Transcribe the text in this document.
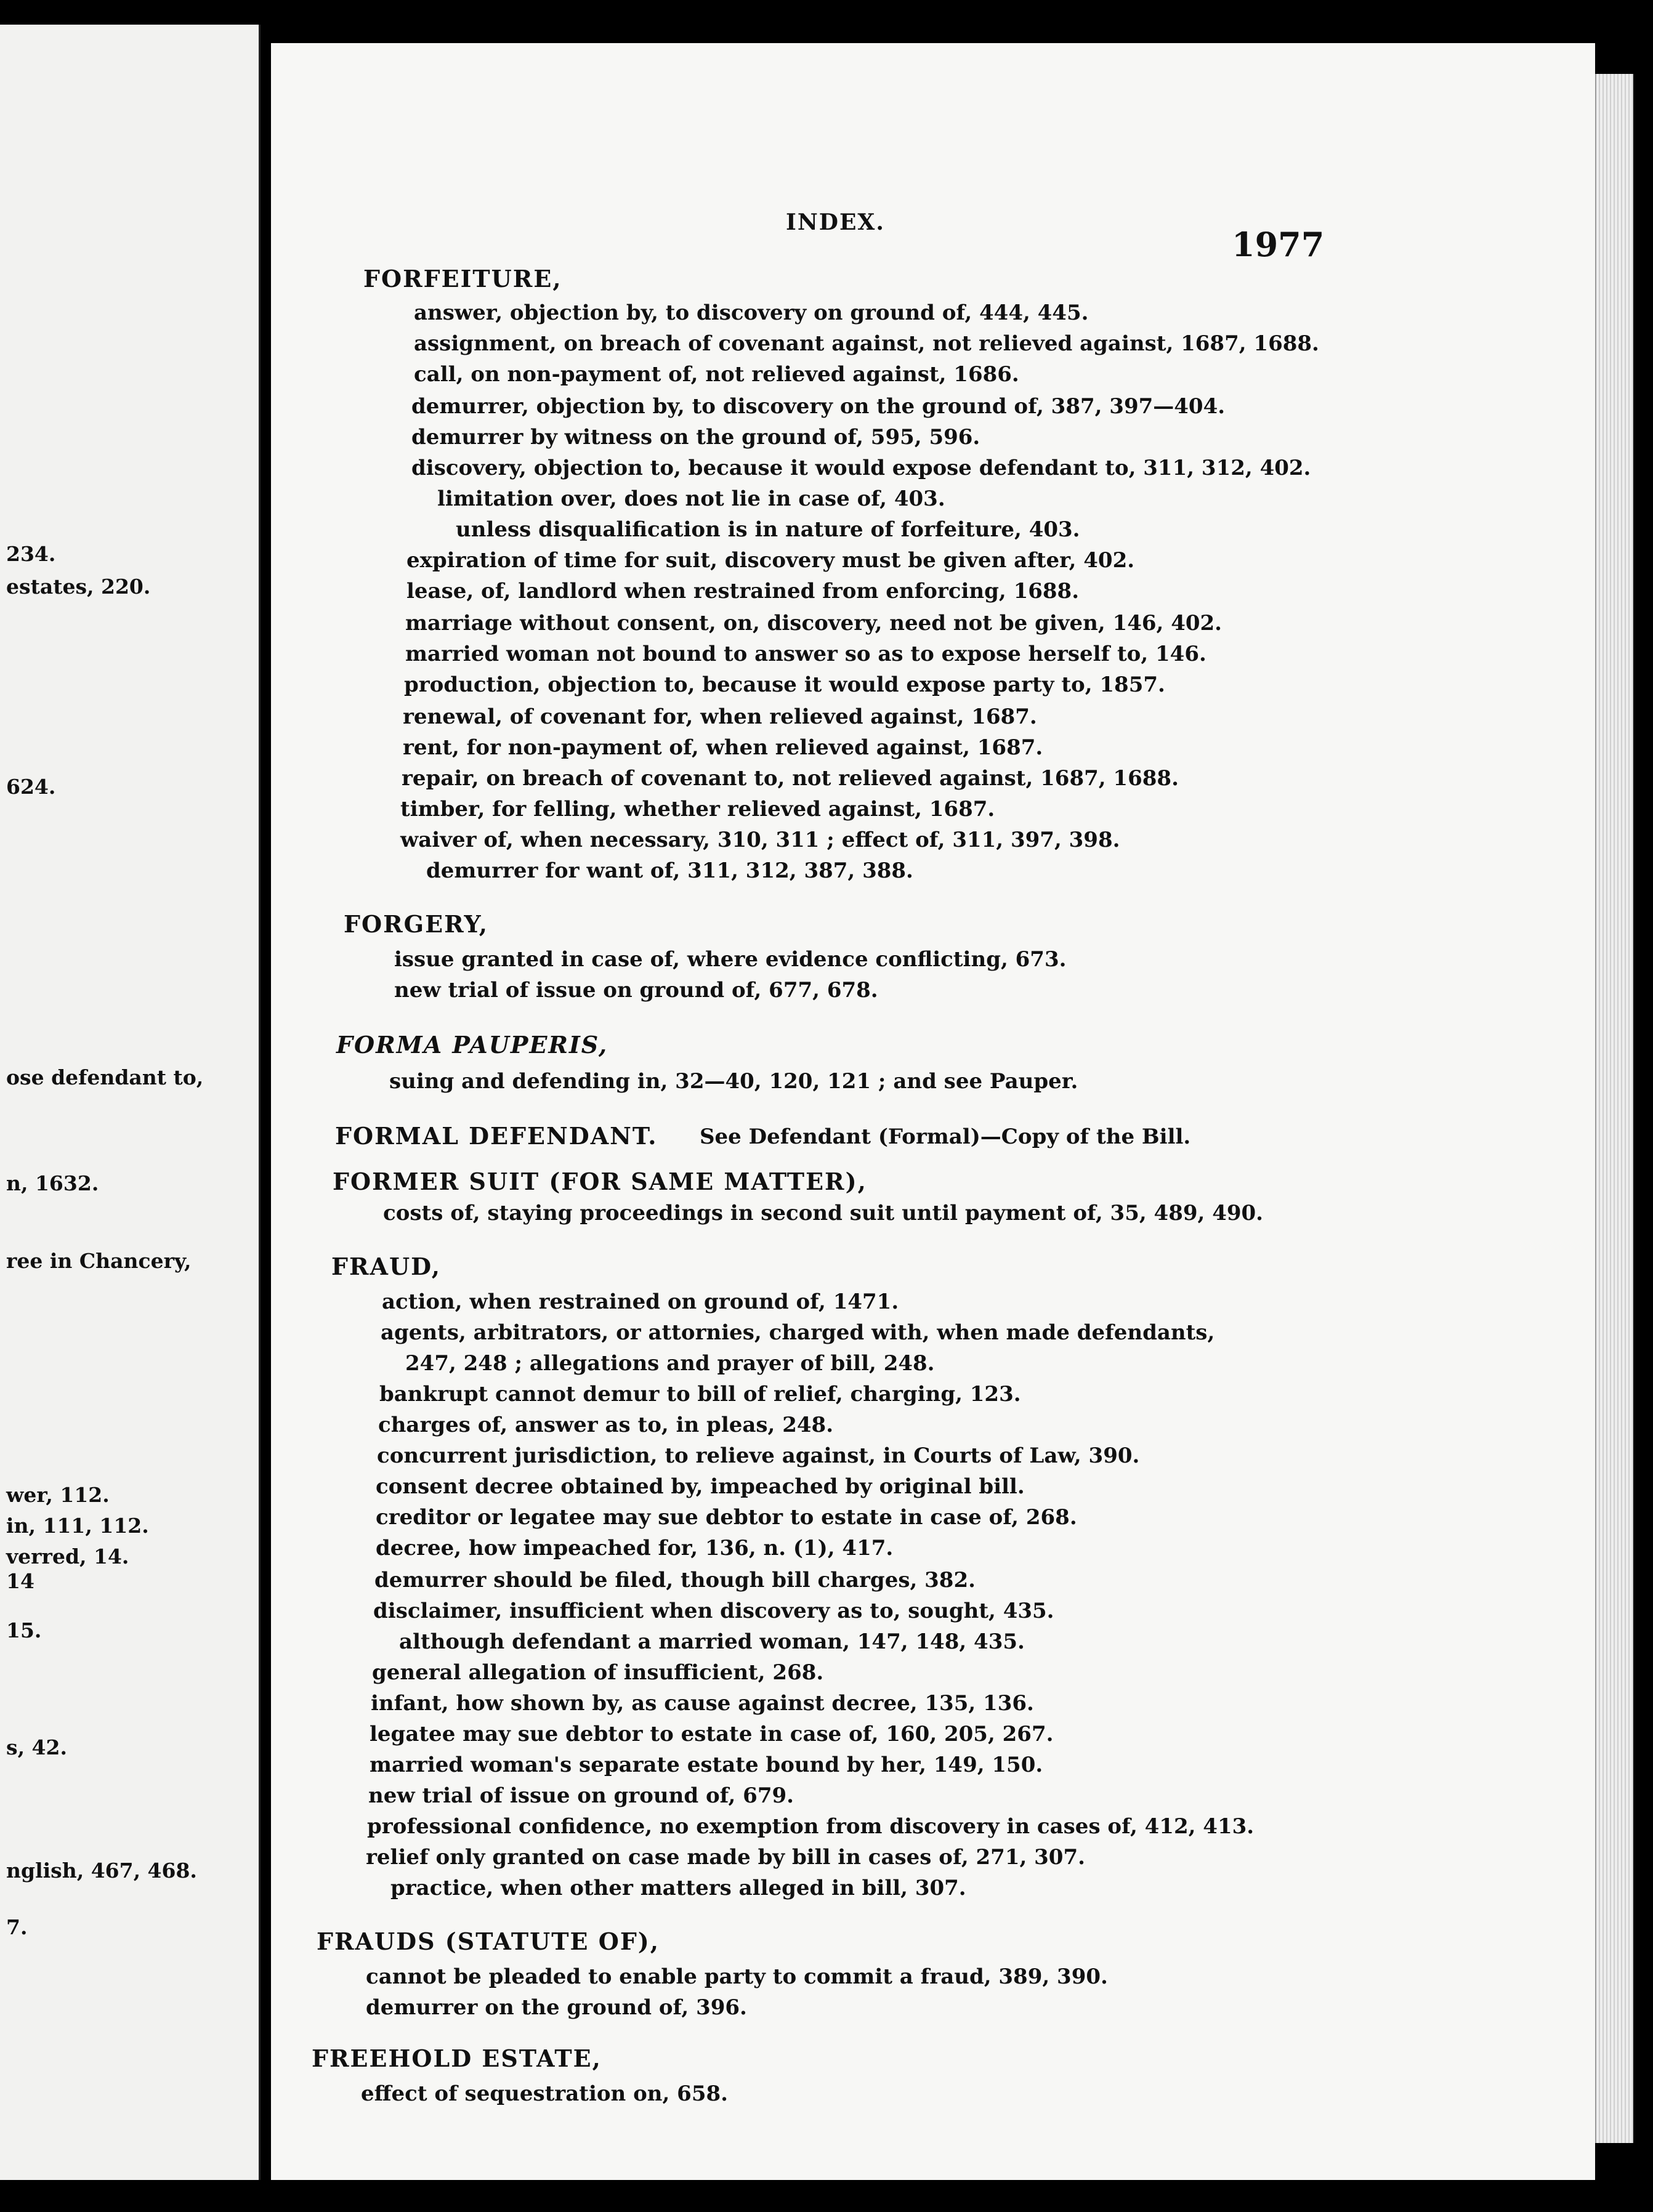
234.
estates, 220.
624.
ose defendant to,
n, 1632.
ree in Chancery,
wer, 112.
in, 111, 112.
verred, 14.
14
15.
s, 42.
nglish, 467, 468.
7.
INDEX.
1977
FORFEITURE,
answer, objection by, to discovery on ground of, 444, 445.
assignment, on breach of covenant against, not relieved against, 1687, 1688.
call, on non-payment of, not relieved against, 1686.
demurrer, objection by, to discovery on the ground of, 387, 397—404.
demurrer by witness on the ground of, 595, 596.
discovery, objection to, because it would expose defendant to, 311, 312, 402.
limitation over, does not lie in case of, 403.
unless disqualification is in nature of forfeiture, 403.
expiration of time for suit, discovery must be given after, 402.
lease, of, landlord when restrained from enforcing, 1688.
marriage without consent, on, discovery, need not be given, 146, 402.
married woman not bound to answer so as to expose herself to, 146.
production, objection to, because it would expose party to, 1857.
renewal, of covenant for, when relieved against, 1687.
rent, for non-payment of, when relieved against, 1687.
repair, on breach of covenant to, not relieved against, 1687, 1688.
timber, for felling, whether relieved against, 1687.
waiver of, when necessary, 310, 311 ; effect of, 311, 397, 398.
demurrer for want of, 311, 312, 387, 388.
FORGERY,
issue granted in case of, where evidence conflicting, 673.
new trial of issue on ground of, 677, 678.
FORMA PAUPERIS,
suing and defending in, 32—40, 120, 121 ; and see Pauper.
FORMAL DEFENDANT. See Defendant (Formal)—Copy of the Bill.
FORMER SUIT (FOR SAME MATTER),
costs of, staying proceedings in second suit until payment of, 35, 489, 490.
FRAUD,
action, when restrained on ground of, 1471.
agents, arbitrators, or attornies, charged with, when made defendants,
247, 248 ; allegations and prayer of bill, 248.
bankrupt cannot demur to bill of relief, charging, 123.
charges of, answer as to, in pleas, 248.
concurrent jurisdiction, to relieve against, in Courts of Law, 390.
consent decree obtained by, impeached by original bill.
creditor or legatee may sue debtor to estate in case of, 268.
decree, how impeached for, 136, n. (1), 417.
demurrer should be filed, though bill charges, 382.
disclaimer, insufficient when discovery as to, sought, 435.
although defendant a married woman, 147, 148, 435.
general allegation of insufficient, 268.
infant, how shown by, as cause against decree, 135, 136.
legatee may sue debtor to estate in case of, 160, 205, 267.
married woman's separate estate bound by her, 149, 150.
new trial of issue on ground of, 679.
professional confidence, no exemption from discovery in cases of, 412, 413.
relief only granted on case made by bill in cases of, 271, 307.
practice, when other matters alleged in bill, 307.
FRAUDS (STATUTE OF),
cannot be pleaded to enable party to commit a fraud, 389, 390.
demurrer on the ground of, 396.
FREEHOLD ESTATE,
effect of sequestration on, 658.
